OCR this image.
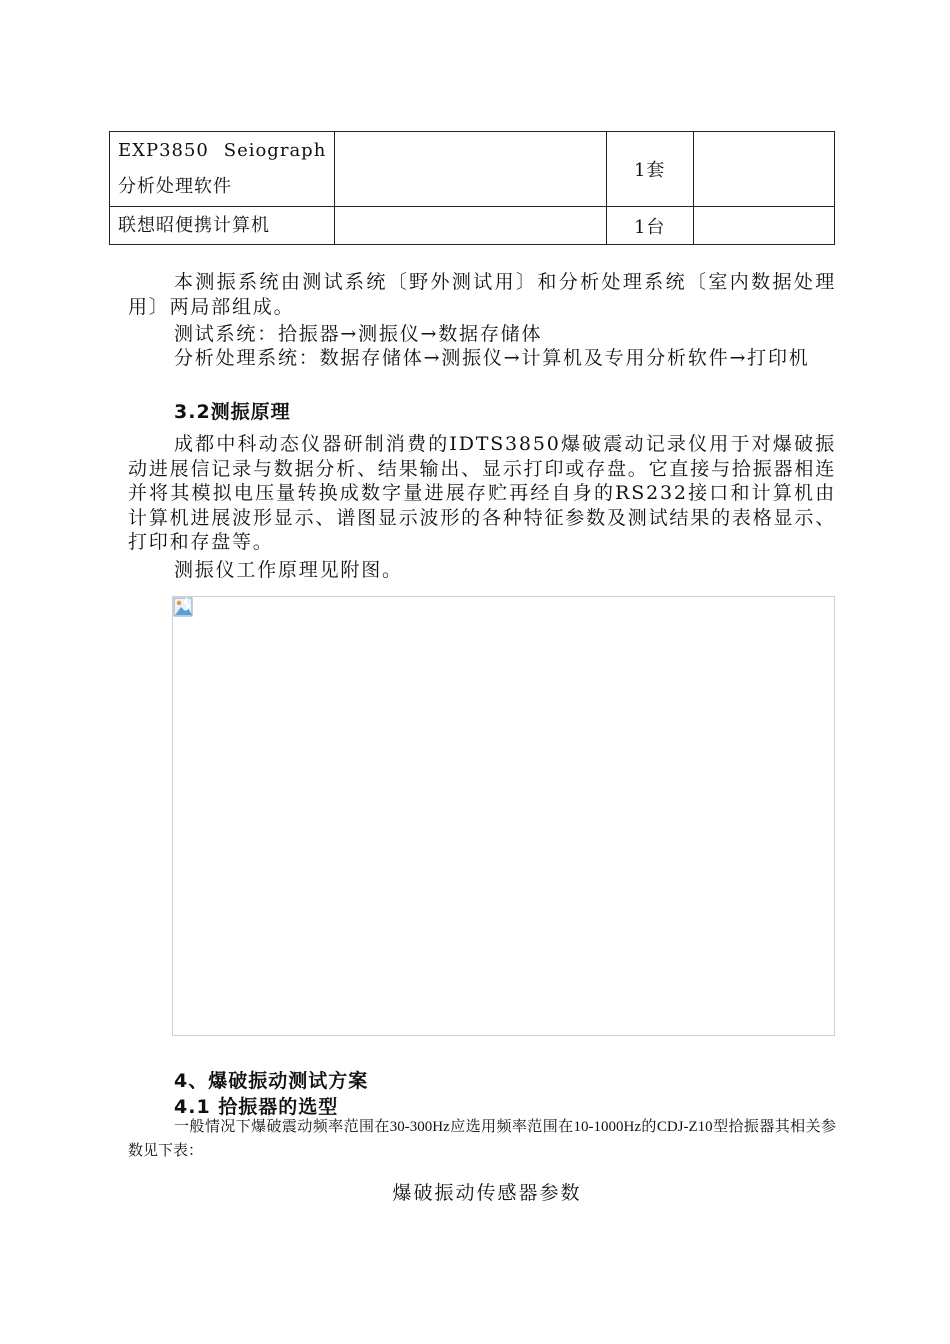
EXP3850 Seiograph
分析处理软件		1套	
联想昭便携计算机		1台	
本测振系统由测试系统〔野外测试用〕和分析处理系统〔室内数据处理用〕两局部组成。
测试系统：拾振器→测振仪→数据存储体
分析处理系统：数据存储体→测振仪→计算机及专用分析软件→打印机
3.2测振原理
成都中科动态仪器研制消费的IDTS3850爆破震动记录仪用于对爆破振动进展信记录与数据分析、结果输出、显示打印或存盘。它直接与拾振器相连并将其模拟电压量转换成数字量进展存贮再经自身的RS232接口和计算机由计算机进展波形显示、谱图显示波形的各种特征参数及测试结果的表格显示、打印和存盘等。
测振仪工作原理见附图。
4、爆破振动测试方案
4.1 拾振器的选型
一般情况下爆破震动频率范围在30-300Hz应选用频率范围在10-1000Hz的CDJ-Z10型拾振器其相关参数见下表：
爆破振动传感器参数
